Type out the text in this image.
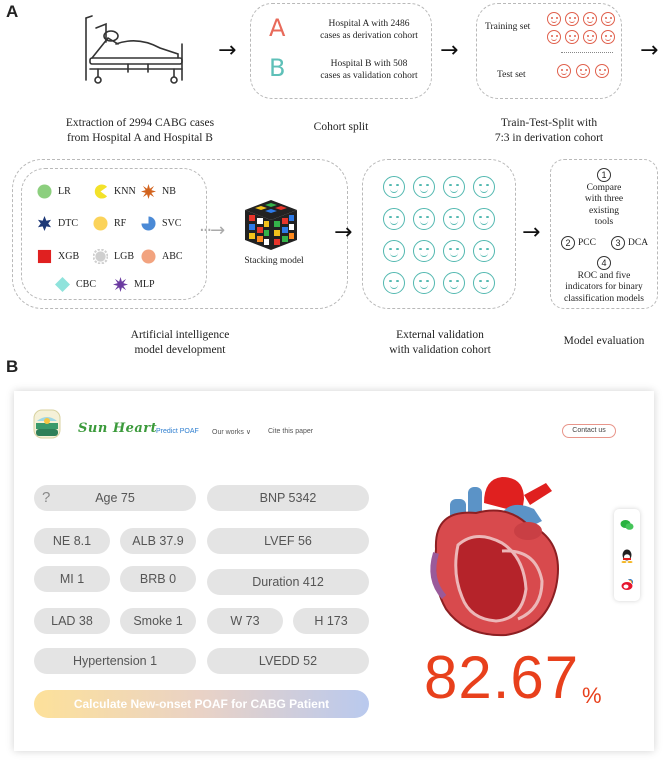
A
Extraction of 2994 CABG cases
from Hospital A and Hospital B
→
A	Hospital A with 2486
cases as derivation cohort
B	Hospital B with 508
cases as validation cohort
Cohort split
→
Training set
Test set
Train-Test-Split with
7:3 in derivation cohort
→
LR	KNN	NB
DTC	RF	SVC
XGB	LGB	ABC
CBC	MLP
···→
Stacking model
Artificial intelligence
model development
→
External validation
with validation cohort
→
1
Compare
with three
existing
tools
2 PCC	3 DCA
4
ROC and five
indicators for binary
classification models
Model evaluation
B
Sun Heart
Predict POAF Our works ∨ Cite this paper	Contact us
?	Age 75	BNP 5342
NE 8.1	ALB 37.9	LVEF 56
MI 1	BRB 0	Duration 412
LAD 38	Smoke 1	W 73	H 173
Hypertension 1	LVEDD 52
Calculate New-onset POAF for CABG Patient	82.67 %
